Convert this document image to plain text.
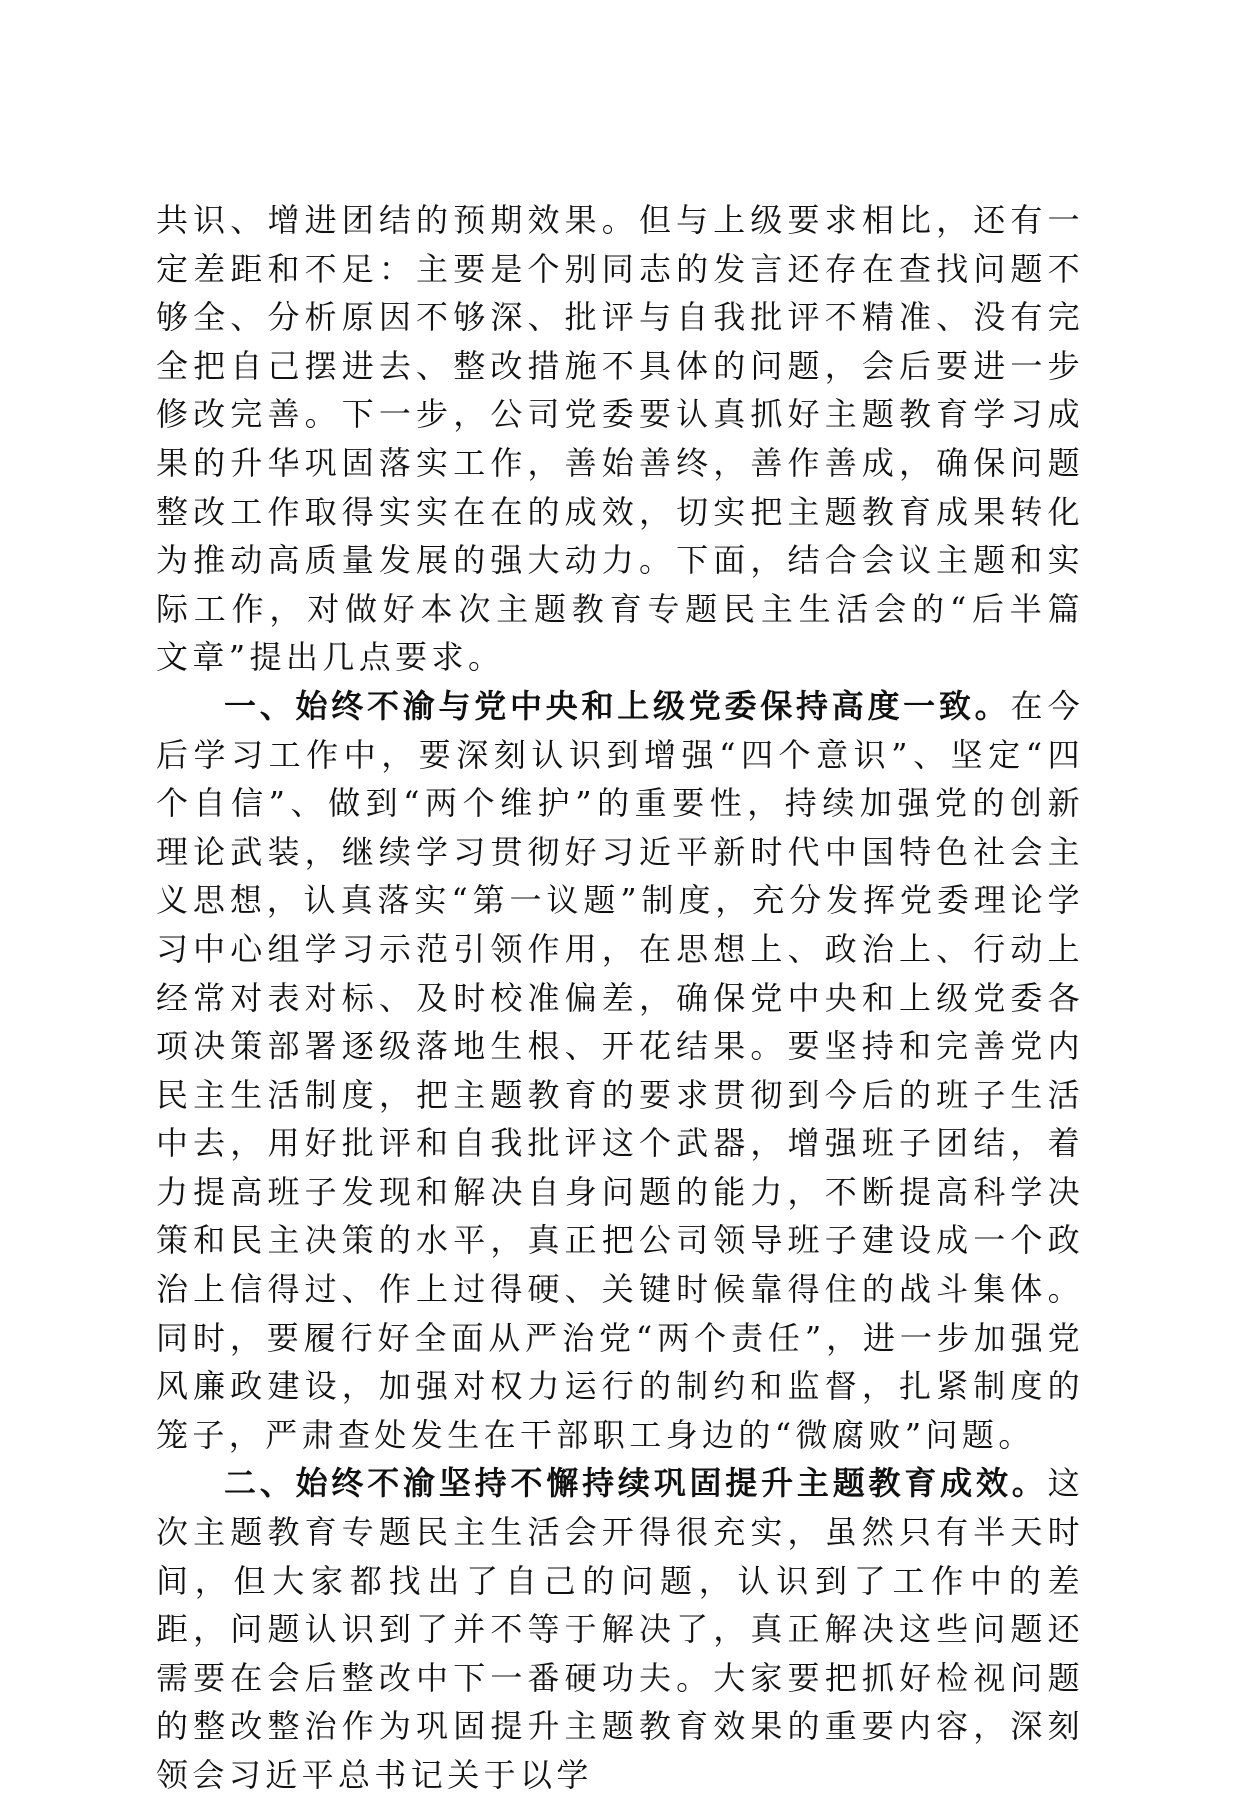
共识、增进团结的预期效果。但与上级要求相比，还有一定差距和不足：主要是个别同志的发言还存在查找问题不够全、分析原因不够深、批评与自我批评不精准、没有完全把自己摆进去、整改措施不具体的问题，会后要进一步修改完善。下一步，公司党委要认真抓好主题教育学习成果的升华巩固落实工作，善始善终，善作善成，确保问题整改工作取得实实在在的成效，切实把主题教育成果转化为推动高质量发展的强大动力。下面，结合会议主题和实际工作，对做好本次主题教育专题民主生活会的“后半篇文章”提出几点要求。

一、始终不渝与党中央和上级党委保持高度一致。在今后学习工作中，要深刻认识到增强“四个意识”、坚定“四个自信”、做到“两个维护”的重要性，持续加强党的创新理论武装，继续学习贯彻好习近平新时代中国特色社会主义思想，认真落实“第一议题”制度，充分发挥党委理论学习中心组学习示范引领作用，在思想上、政治上、行动上经常对表对标、及时校准偏差，确保党中央和上级党委各项决策部署逐级落地生根、开花结果。要坚持和完善党内民主生活制度，把主题教育的要求贯彻到今后的班子生活中去，用好批评和自我批评这个武器，增强班子团结，着力提高班子发现和解决自身问题的能力，不断提高科学决策和民主决策的水平，真正把公司领导班子建设成一个政治上信得过、作上过得硬、关键时候靠得住的战斗集体。同时，要履行好全面从严治党“两个责任”，进一步加强党风廉政建设，加强对权力运行的制约和监督，扎紧制度的笼子，严肃查处发生在干部职工身边的“微腐败”问题。

二、始终不渝坚持不懈持续巩固提升主题教育成效。这次主题教育专题民主生活会开得很充实，虽然只有半天时间，但大家都找出了自己的问题，认识到了工作中的差距，问题认识到了并不等于解决了，真正解决这些问题还需要在会后整改中下一番硬功夫。大家要把抓好检视问题的整改整治作为巩固提升主题教育效果的重要内容，深刻领会习近平总书记关于以学
